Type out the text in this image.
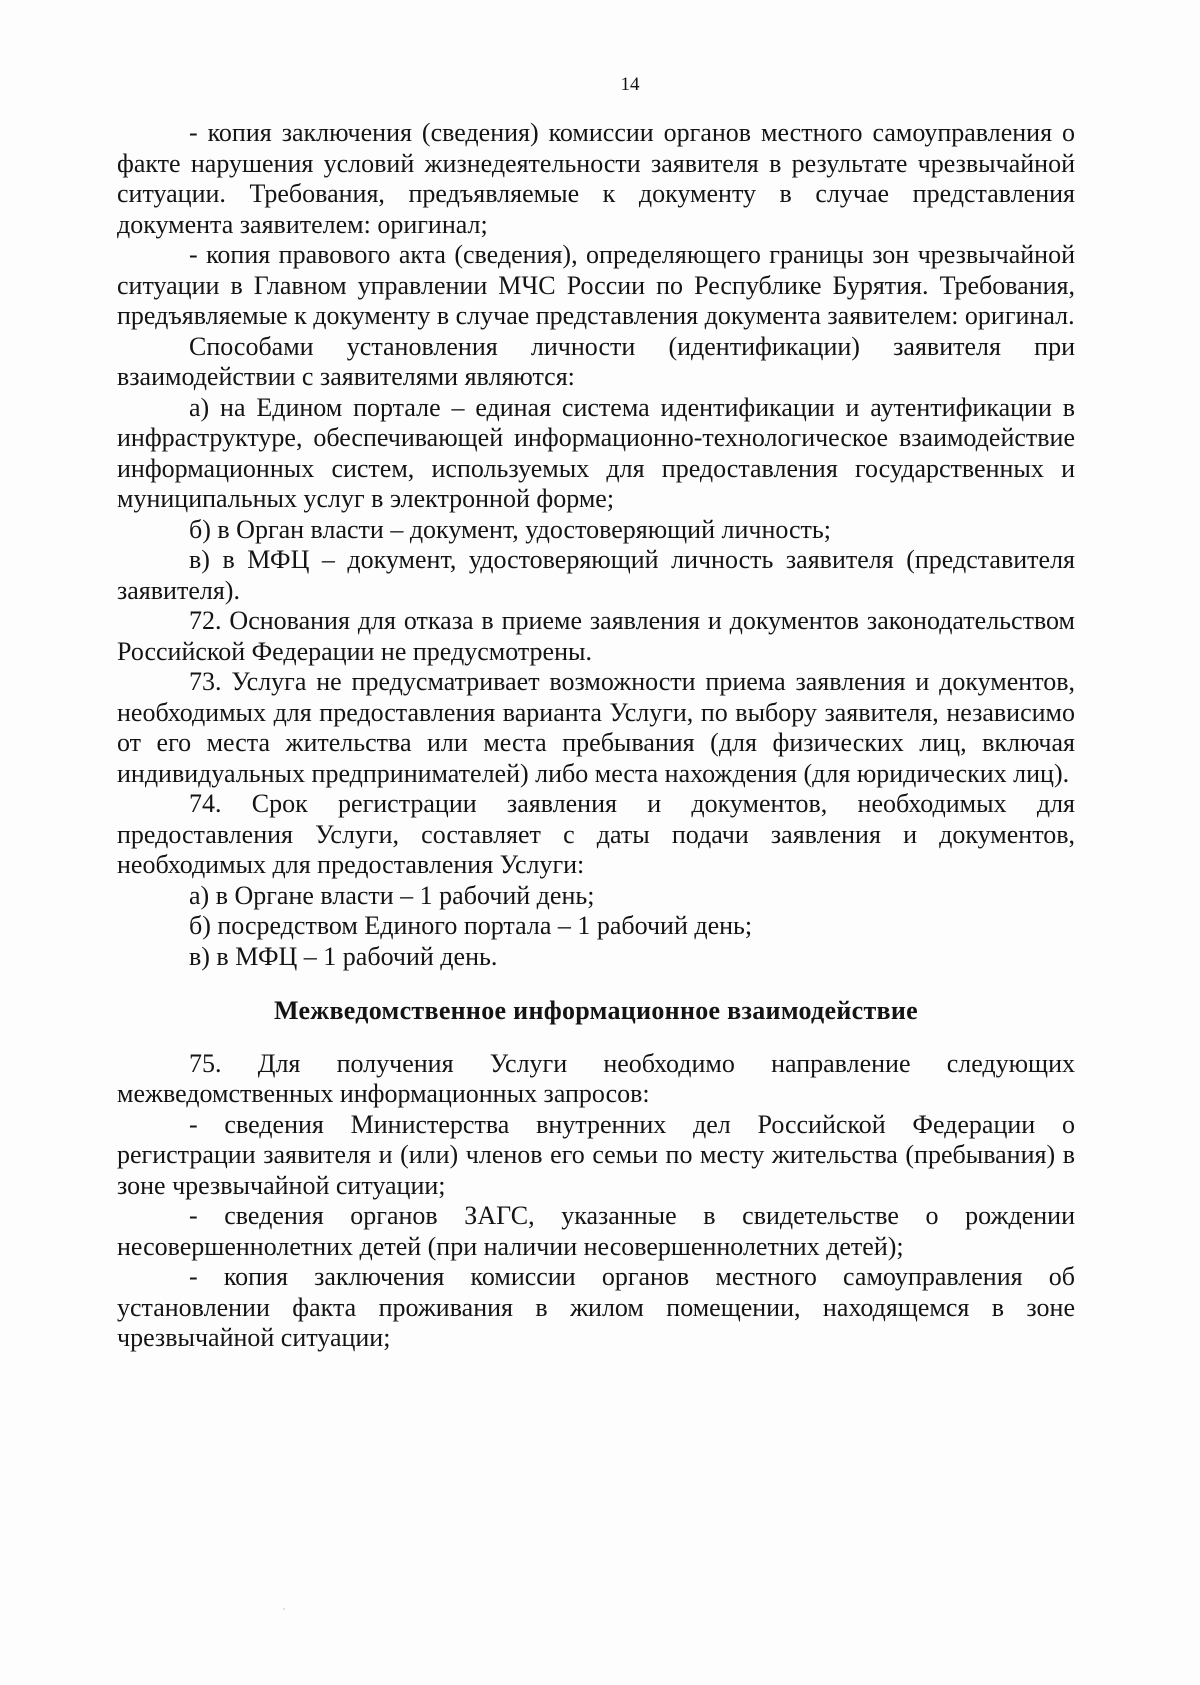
14

- копия заключения (сведения) комиссии органов местного самоуправления о факте нарушения условий жизнедеятельности заявителя в результате чрезвычайной ситуации. Требования, предъявляемые к документу в случае представления документа заявителем: оригинал;

- копия правового акта (сведения), определяющего границы зон чрезвычайной ситуации в Главном управлении МЧС России по Республике Бурятия. Требования, предъявляемые к документу в случае представления документа заявителем: оригинал.

Способами установления личности (идентификации) заявителя при взаимодействии с заявителями являются:

а) на Едином портале – единая система идентификации и аутентификации в инфраструктуре, обеспечивающей информационно-технологическое взаимодействие информационных систем, используемых для предоставления государственных и муниципальных услуг в электронной форме;

б) в Орган власти – документ, удостоверяющий личность;

в) в МФЦ – документ, удостоверяющий личность заявителя (представителя заявителя).

72. Основания для отказа в приеме заявления и документов законодательством Российской Федерации не предусмотрены.

73. Услуга не предусматривает возможности приема заявления и документов, необходимых для предоставления варианта Услуги, по выбору заявителя, независимо от его места жительства или места пребывания (для физических лиц, включая индивидуальных предпринимателей) либо места нахождения (для юридических лиц).

74. Срок регистрации заявления и документов, необходимых для предоставления Услуги, составляет с даты подачи заявления и документов, необходимых для предоставления Услуги:

а) в Органе власти – 1 рабочий день;

б) посредством Единого портала – 1 рабочий день;

в) в МФЦ – 1 рабочий день.

Межведомственное информационное взаимодействие

75. Для получения Услуги необходимо направление следующих межведомственных информационных запросов:

- сведения Министерства внутренних дел Российской Федерации о регистрации заявителя и (или) членов его семьи по месту жительства (пребывания) в зоне чрезвычайной ситуации;

- сведения органов ЗАГС, указанные в свидетельстве о рождении несовершеннолетних детей (при наличии несовершеннолетних детей);

- копия заключения комиссии органов местного самоуправления об установлении факта проживания в жилом помещении, находящемся в зоне чрезвычайной ситуации;
